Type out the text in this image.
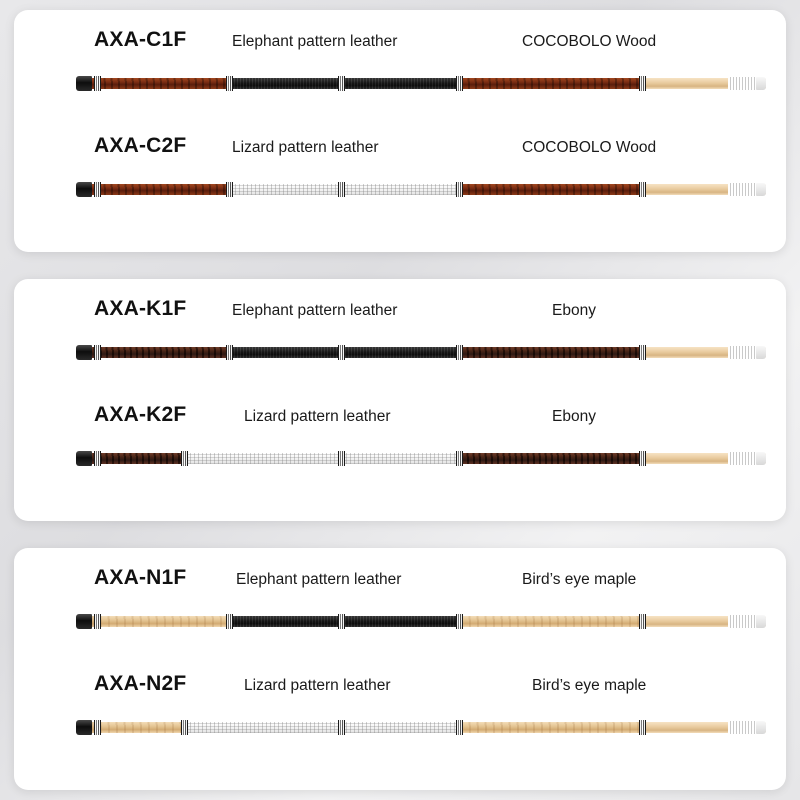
AXA-C1F	Elephant pattern leather	COCOBOLO Wood
AXA-C2F	Lizard pattern leather	COCOBOLO Wood
AXA-K1F	Elephant pattern leather	Ebony
AXA-K2F	Lizard pattern leather	Ebony
AXA-N1F	Elephant pattern leather	Bird’s eye maple
AXA-N2F	Lizard pattern leather	Bird’s eye maple
